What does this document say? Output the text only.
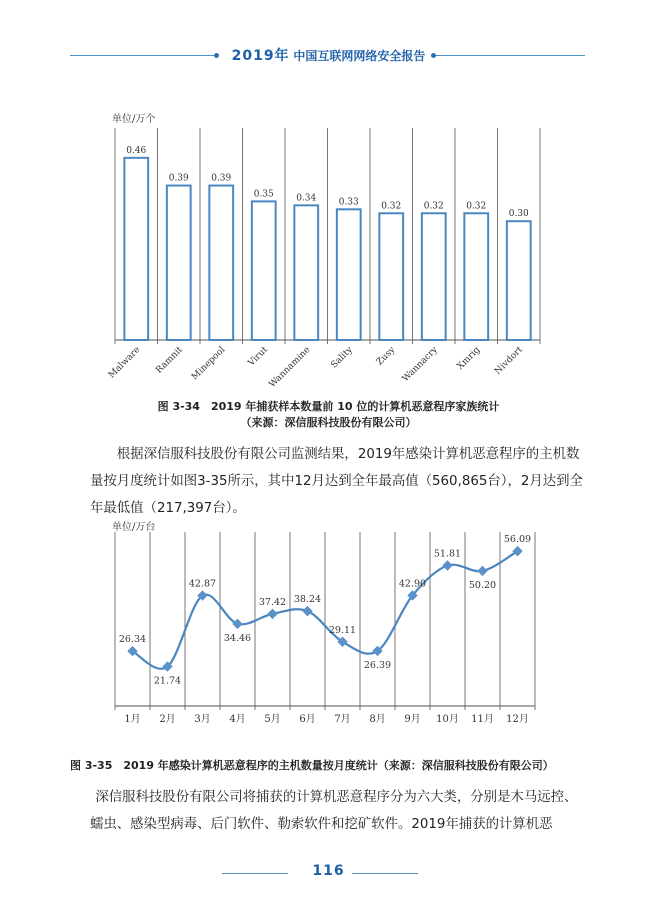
2019年 中国互联网网络安全报告
单位/万个
0.46
Malware
0.39
Ramnit
0.39
Minepool
0.35
Virut
0.34
Wannamine
0.33
Sality
0.32
Zusy
0.32
Wannacry
0.32
Xmrig
0.30
Nivdort
图 3-34　2019 年捕获样本数量前 10 位的计算机恶意程序家族统计
（来源：深信服科技股份有限公司）
根据深信服科技股份有限公司监测结果，2019年感染计算机恶意程序的主机数量按月度统计如图3-35所示，其中12月达到全年最高值（560,865台），2月达到全年最低值（217,397台）。
单位/万台
26.34
1月
21.74
2月
42.87
3月
34.46
4月
37.42
5月
38.24
6月
29.11
7月
26.39
8月
42.90
9月
51.81
10月
50.20
11月
56.09
12月
图 3-35　2019 年感染计算机恶意程序的主机数量按月度统计（来源：深信服科技股份有限公司）
深信服科技股份有限公司将捕获的计算机恶意程序分为六大类，分别是木马远控、蠕虫、感染型病毒、后门软件、勒索软件和挖矿软件。2019年捕获的计算机恶
116
